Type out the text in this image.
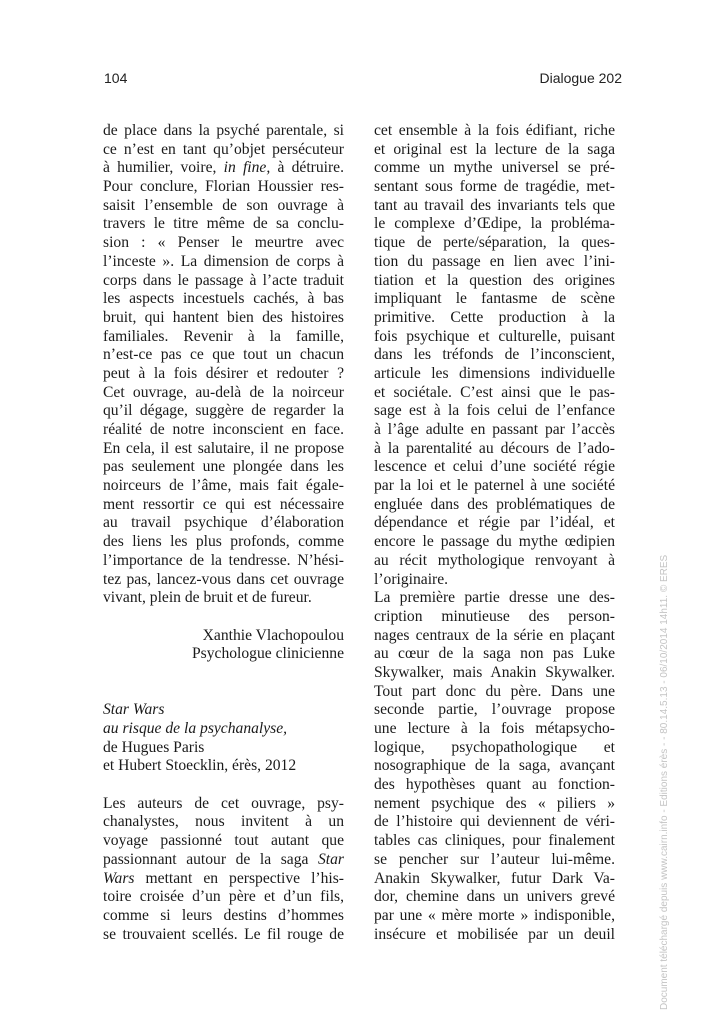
104	Dialogue 202
de place dans la psyché parentale, si
ce n’est en tant qu’objet persécuteur
à humilier, voire, in fine, à détruire.
Pour conclure, Florian Houssier res-
saisit l’ensemble de son ouvrage à
travers le titre même de sa conclu-
sion : « Penser le meurtre avec
l’inceste ». La dimension de corps à
corps dans le passage à l’acte traduit
les aspects incestuels cachés, à bas
bruit, qui hantent bien des histoires
familiales. Revenir à la famille,
n’est-ce pas ce que tout un chacun
peut à la fois désirer et redouter ?
Cet ouvrage, au-delà de la noirceur
qu’il dégage, suggère de regarder la
réalité de notre inconscient en face.
En cela, il est salutaire, il ne propose
pas seulement une plongée dans les
noirceurs de l’âme, mais fait égale-
ment ressortir ce qui est nécessaire
au travail psychique d’élaboration
des liens les plus profonds, comme
l’importance de la tendresse. N’hési-
tez pas, lancez-vous dans cet ouvrage
vivant, plein de bruit et de fureur.
Xanthie Vlachopoulou
Psychologue clinicienne
Star Wars
au risque de la psychanalyse,
de Hugues Paris
et Hubert Stoecklin, érès, 2012
Les auteurs de cet ouvrage, psy-
chanalystes, nous invitent à un
voyage passionné tout autant que
passionnant autour de la saga Star
Wars mettant en perspective l’his-
toire croisée d’un père et d’un fils,
comme si leurs destins d’hommes
se trouvaient scellés. Le fil rouge de
cet ensemble à la fois édifiant, riche
et original est la lecture de la saga
comme un mythe universel se pré-
sentant sous forme de tragédie, met-
tant au travail des invariants tels que
le complexe d’Œdipe, la probléma-
tique de perte/séparation, la ques-
tion du passage en lien avec l’ini-
tiation et la question des origines
impliquant le fantasme de scène
primitive. Cette production à la
fois psychique et culturelle, puisant
dans les tréfonds de l’inconscient,
articule les dimensions individuelle
et sociétale. C’est ainsi que le pas-
sage est à la fois celui de l’enfance
à l’âge adulte en passant par l’accès
à la parentalité au décours de l’ado-
lescence et celui d’une société régie
par la loi et le paternel à une société
engluée dans des problématiques de
dépendance et régie par l’idéal, et
encore le passage du mythe œdipien
au récit mythologique renvoyant à
l’originaire.
La première partie dresse une des-
cription minutieuse des person-
nages centraux de la série en plaçant
au cœur de la saga non pas Luke
Skywalker, mais Anakin Skywalker.
Tout part donc du père. Dans une
seconde partie, l’ouvrage propose
une lecture à la fois métapsycho-
logique, psychopathologique et
nosographique de la saga, avançant
des hypothèses quant au fonction-
nement psychique des « piliers »
de l’histoire qui deviennent de véri-
tables cas cliniques, pour finalement
se pencher sur l’auteur lui-même.
Anakin Skywalker, futur Dark Va-
dor, chemine dans un univers grevé
par une « mère morte » indisponible,
insécure et mobilisée par un deuil	Document téléchargé depuis www.cairn.info - Editions érès - - 80.14.5.13 - 06/10/2014 14h11. © ERES
